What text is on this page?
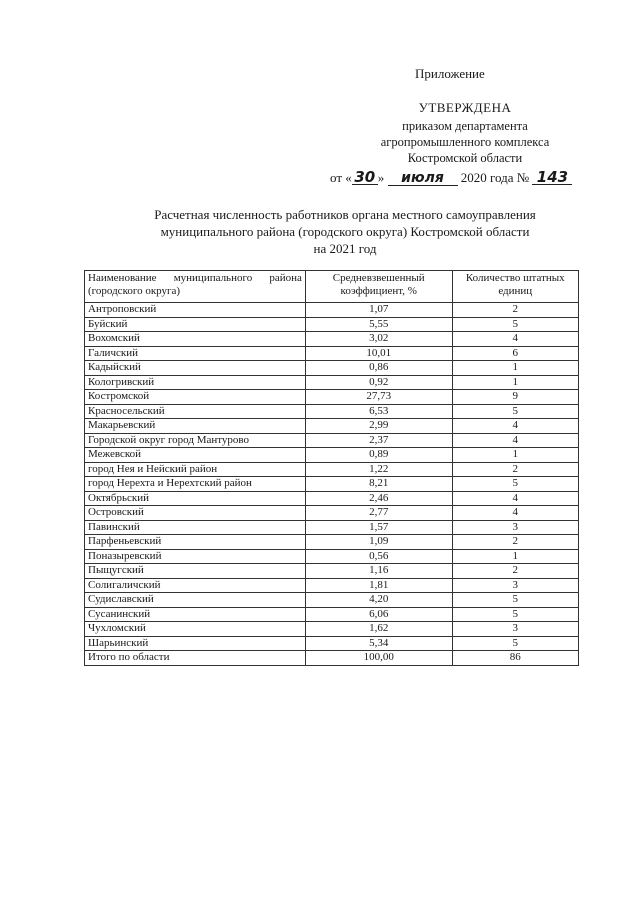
Приложение
УТВЕРЖДЕНА
приказом департамента
агропромышленного комплекса
Костромской области
от « 30 » июля 2020 года № 143
Расчетная численность работников органа местного самоуправления
муниципального района (городского округа) Костромской области
на 2021 год
Наименование муниципального района (городского округа)	Средневзвешенный коэффициент, %	Количество штатных единиц
Антроповский	1,07	2
Буйский	5,55	5
Вохомский	3,02	4
Галичский	10,01	6
Кадыйский	0,86	1
Кологривский	0,92	1
Костромской	27,73	9
Красносельский	6,53	5
Макарьевский	2,99	4
Городской округ город Мантурово	2,37	4
Межевской	0,89	1
город Нея и Нейский район	1,22	2
город Нерехта и Нерехтский район	8,21	5
Октябрьский	2,46	4
Островский	2,77	4
Павинский	1,57	3
Парфеньевский	1,09	2
Поназыревский	0,56	1
Пыщугский	1,16	2
Солигаличский	1,81	3
Судиславский	4,20	5
Сусанинский	6,06	5
Чухломский	1,62	3
Шарьинский	5,34	5
Итого по области	100,00	86
